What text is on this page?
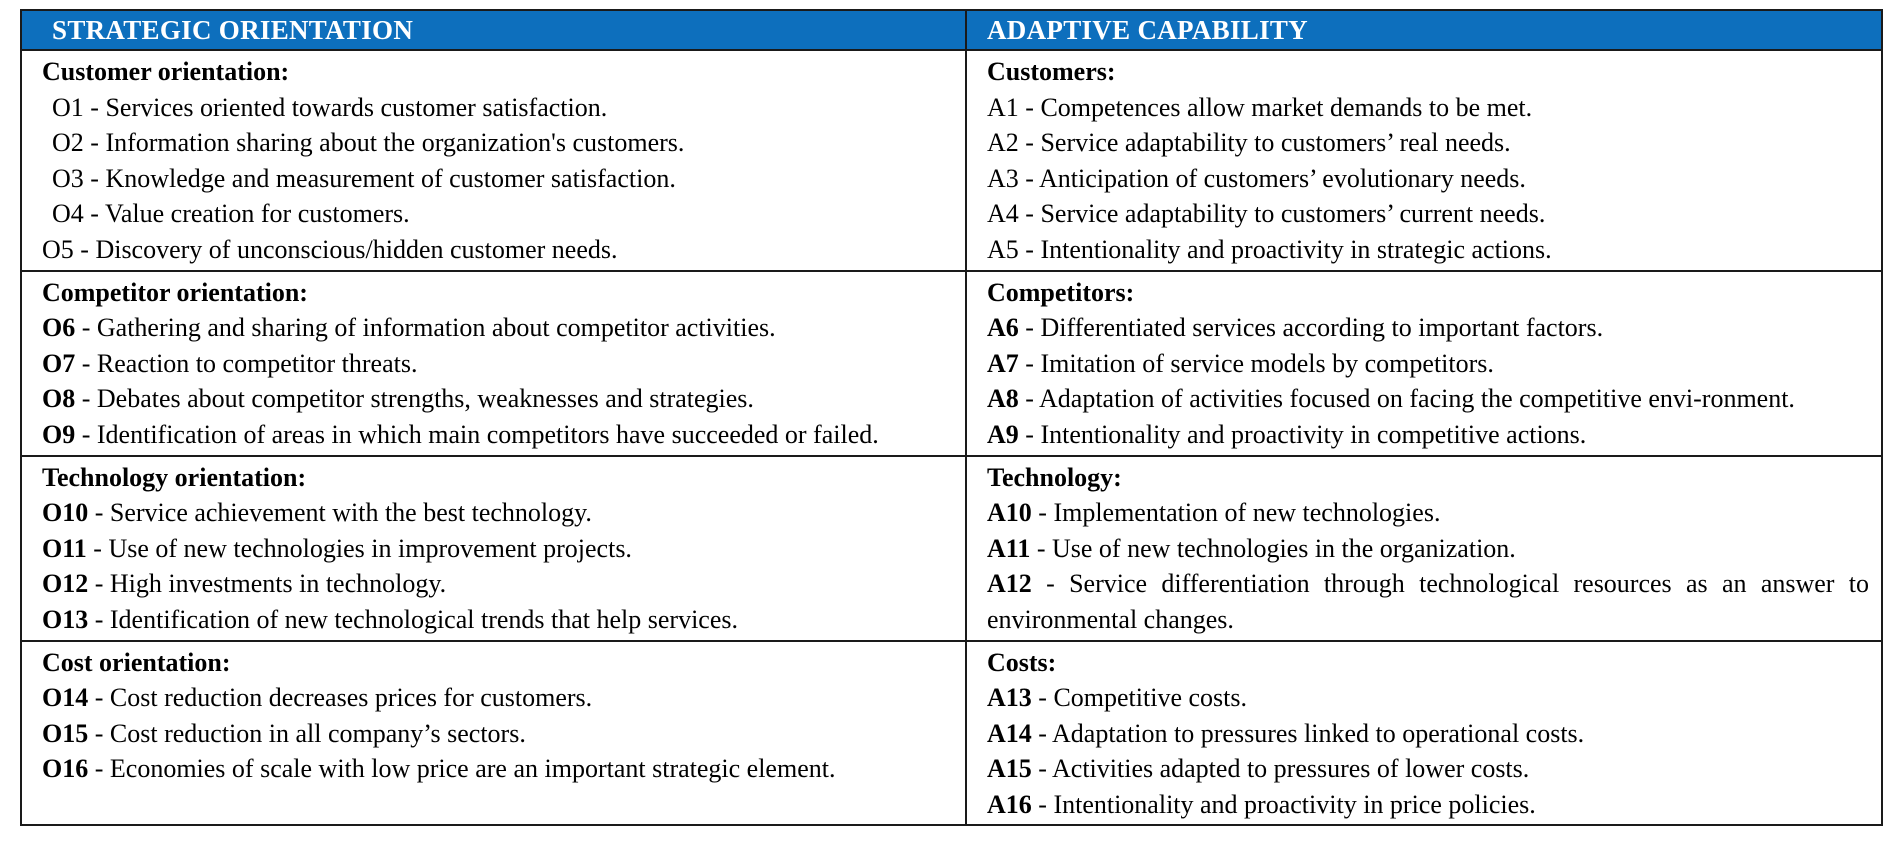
STRATEGIC ORIENTATION	ADAPTIVE CAPABILITY
Customer orientation:
O1 - Services oriented towards customer satisfaction.
O2 - Information sharing about the organization's customers.
O3 - Knowledge and measurement of customer satisfaction.
O4 - Value creation for customers.
O5 - Discovery of unconscious/hidden customer needs.
Customers:
A1 - Competences allow market demands to be met.
A2 - Service adaptability to customers’ real needs.
A3 - Anticipation of customers’ evolutionary needs.
A4 - Service adaptability to customers’ current needs.
A5 - Intentionality and proactivity in strategic actions.
Competitor orientation:
O6 - Gathering and sharing of information about competitor activities.
O7 - Reaction to competitor threats.
O8 - Debates about competitor strengths, weaknesses and strategies.
O9 - Identification of areas in which main competitors have succeeded or failed.
Competitors:
A6 - Differentiated services according to important factors.
A7 - Imitation of service models by competitors.
A8 - Adaptation of activities focused on facing the competitive envi-ronment.
A9 - Intentionality and proactivity in competitive actions.
Technology orientation:
O10 - Service achievement with the best technology.
O11 - Use of new technologies in improvement projects.
O12 - High investments in technology.
O13 - Identification of new technological trends that help services.
Technology:
A10 - Implementation of new technologies.
A11 - Use of new technologies in the organization.
A12 - Service differentiation through technological resources as an answer to environmental changes.
Cost orientation:
O14 - Cost reduction decreases prices for customers.
O15 - Cost reduction in all company’s sectors.
O16 - Economies of scale with low price are an important strategic element.
Costs:
A13 - Competitive costs.
A14 - Adaptation to pressures linked to operational costs.
A15 - Activities adapted to pressures of lower costs.
A16 - Intentionality and proactivity in price policies.
